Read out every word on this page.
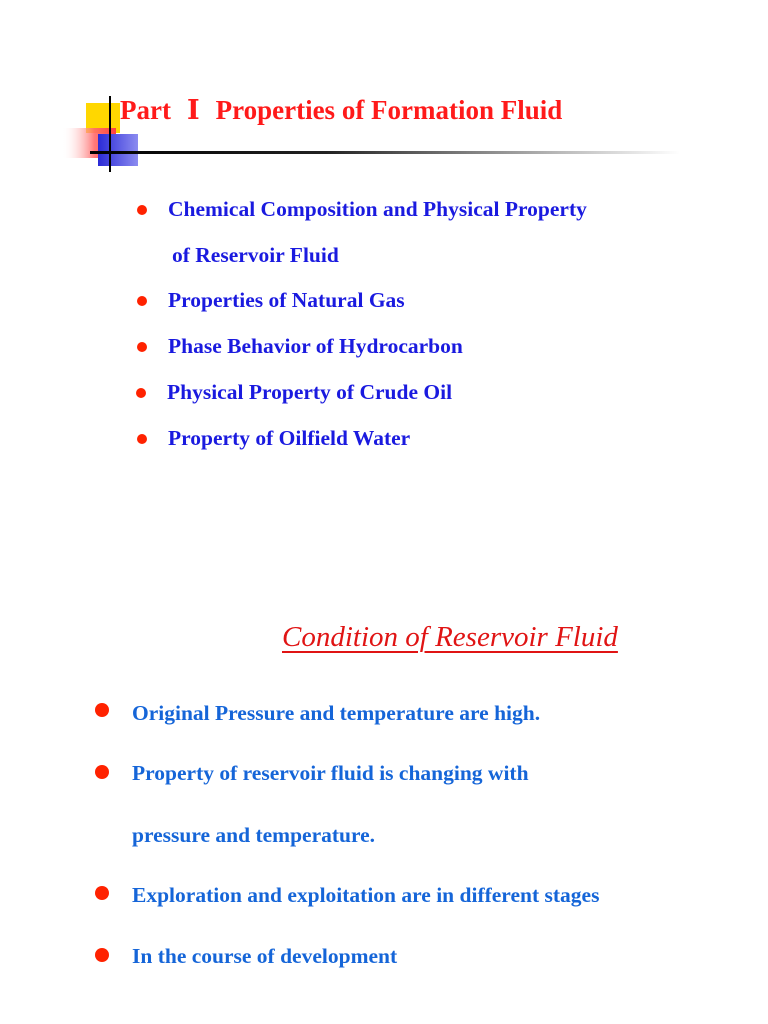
Part Ⅰ Properties of Formation Fluid
Chemical Composition and Physical Property
of Reservoir Fluid
Properties of Natural Gas
Phase Behavior of Hydrocarbon
Physical Property of Crude Oil
Property of Oilfield Water
Condition of Reservoir Fluid
Original Pressure and temperature are high.
Property of reservoir fluid is changing with
pressure and temperature.
Exploration and exploitation are in different stages
In the course of development
